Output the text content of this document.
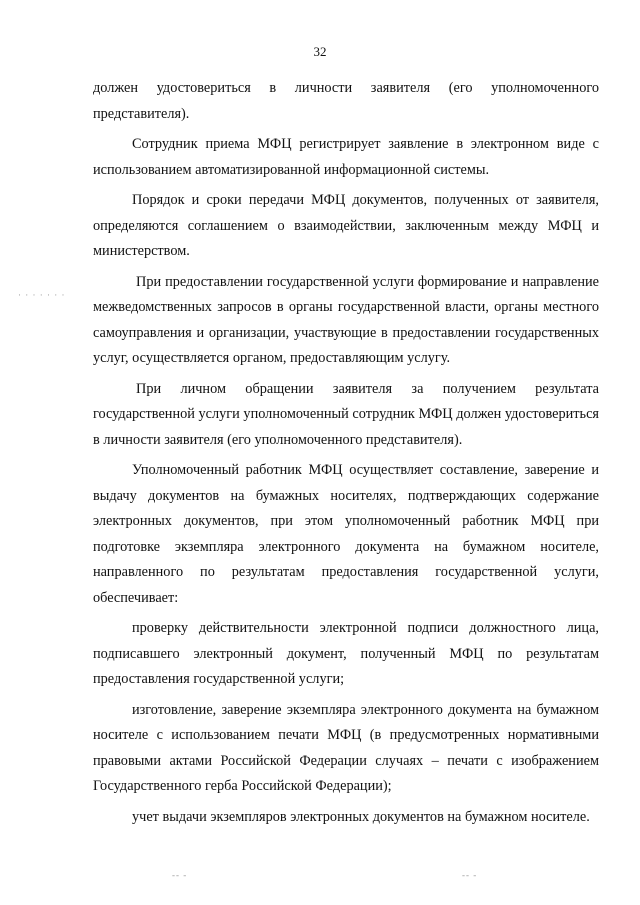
32

должен удостовериться в личности заявителя (его уполномоченного представителя).

Сотрудник приема МФЦ регистрирует заявление в электронном виде с использованием автоматизированной информационной системы.

Порядок и сроки передачи МФЦ документов, полученных от заявителя, определяются соглашением о взаимодействии, заключенным между МФЦ и министерством.

При предоставлении государственной услуги формирование и направление межведомственных запросов в органы государственной власти, органы местного самоуправления и организации, участвующие в предоставлении государственных услуг, осуществляется органом, предоставляющим услугу.

При личном обращении заявителя за получением результата государственной услуги уполномоченный сотрудник МФЦ должен удостовериться в личности заявителя (его уполномоченного представителя).

Уполномоченный работник МФЦ осуществляет составление, заверение и выдачу документов на бумажных носителях, подтверждающих содержание электронных документов, при этом уполномоченный работник МФЦ при подготовке экземпляра электронного документа на бумажном носителе, направленного по результатам предоставления государственной услуги, обеспечивает:

проверку действительности электронной подписи должностного лица, подписавшего электронный документ, полученный МФЦ по результатам предоставления государственной услуги;

изготовление, заверение экземпляра электронного документа на бумажном носителе с использованием печати МФЦ (в предусмотренных нормативными правовыми актами Российской Федерации случаях – печати с изображением Государственного герба Российской Федерации);

учет выдачи экземпляров электронных документов на бумажном носителе.

· · · · · · ·
-- -	-- -
